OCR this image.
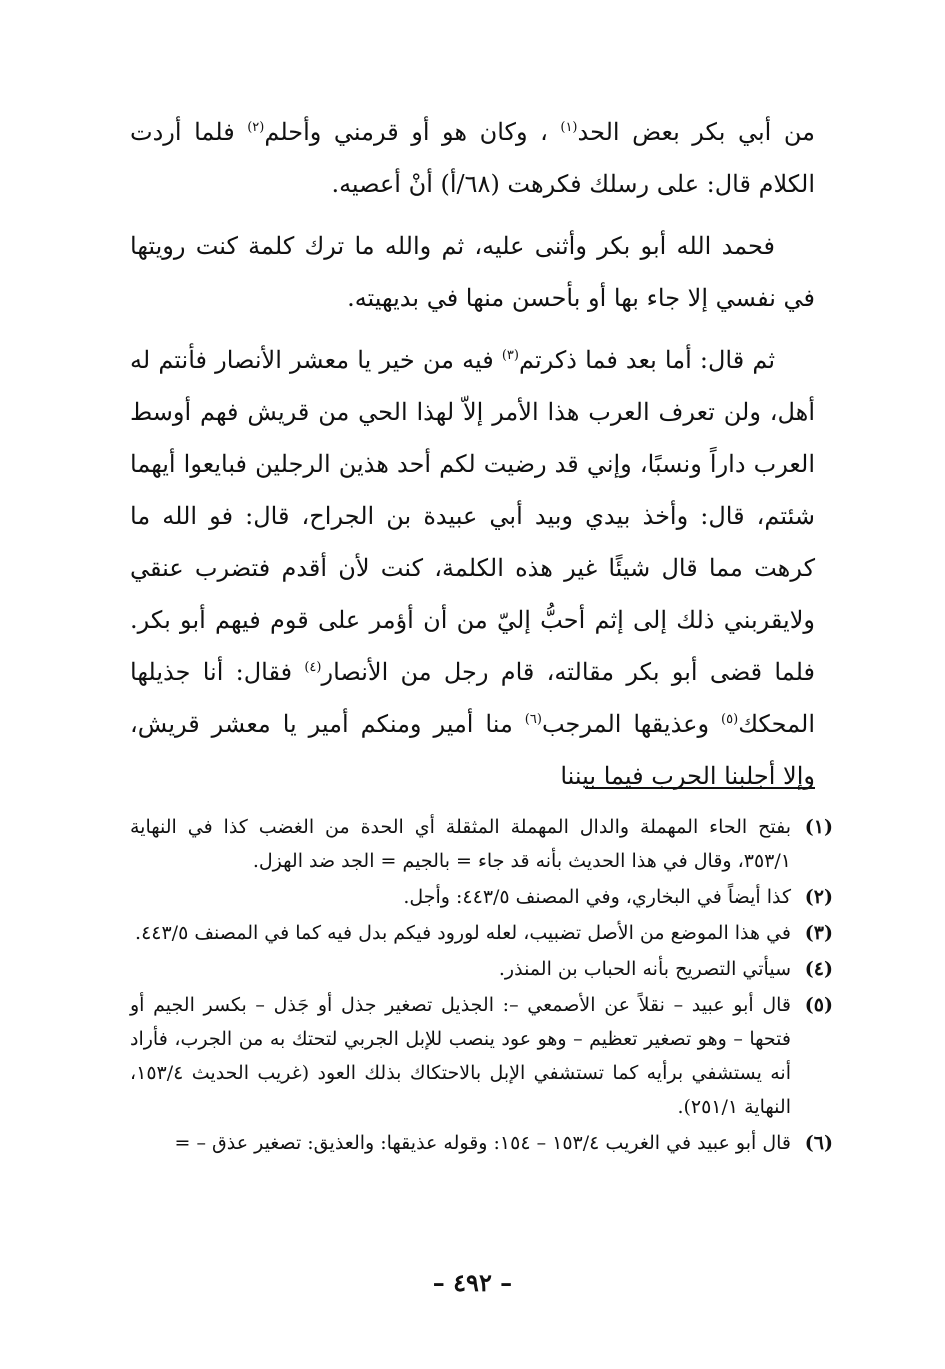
من أبي بكر بعض الحد$^{(١)}$ ، وكان هو أو قرمني وأحلم$^{(٢)}$ فلما أردت الكلام قال: على رسلك فكرهت (٦٨/أ) أنْ أعصيه.

فحمد الله أبو بكر وأثنى عليه، ثم والله ما ترك كلمة كنت رويتها في نفسي إلا جاء بها أو بأحسن منها في بديهيته.

ثم قال: أما بعد فما ذكرتم$^{(٣)}$ فيه من خير يا معشر الأنصار فأنتم له أهل، ولن تعرف العرب هذا الأمر إلاّ لهذا الحي من قريش فهم أوسط العرب داراً ونسبًا، وإني قد رضيت لكم أحد هذين الرجلين فبايعوا أيهما شئتم، قال: وأخذ بيدي وبيد أبي عبيدة بن الجراح، قال: فو الله ما كرهت مما قال شيئًا غير هذه الكلمة، كنت لأن أقدم فتضرب عنقي ولايقربني ذلك إلى إثم أحبُّ إليّ من أن أؤمر على قوم فيهم أبو بكر. فلما قضى أبو بكر مقالته، قام رجل من الأنصار$^{(٤)}$ فقال: أنا جذيلها المحكك$^{(٥)}$ وعذيقها المرجب$^{(٦)}$ منا أمير ومنكم أمير يا معشر قريش، وإلا أجلبنا الحرب فيما بيننا

(١)
بفتح الحاء المهملة والدال المهملة المثقلة أي الحدة من الغضب كذا في النهاية ٣٥٣/١، وقال في هذا الحديث بأنه قد جاء = بالجيم = الجد ضد الهزل.
(٢)
كذا أيضاً في البخاري، وفي المصنف ٤٤٣/٥: وأجل.
(٣)
في هذا الموضع من الأصل تضبيب، لعله لورود فيكم بدل فيه كما في المصنف ٤٤٣/٥.
(٤)
سيأتي التصريح بأنه الحباب بن المنذر.
(٥)
قال أبو عبيد – نقلاً عن الأصمعي –: الجذيل تصغير جذل أو جَذل – بكسر الجيم أو فتحها – وهو تصغير تعظيم – وهو عود ينصب للإبل الجربي لتحتك به من الجرب، فأراد أنه يستشفي برأيه كما تستشفي الإبل بالاحتكاك بذلك العود (غريب الحديث ١٥٣/٤، النهاية ٢٥١/١).
(٦)
قال أبو عبيد في الغريب ١٥٣/٤ – ١٥٤: وقوله عذيقها: والعذيق: تصغير عذق – =
– ٤٩٢ –
